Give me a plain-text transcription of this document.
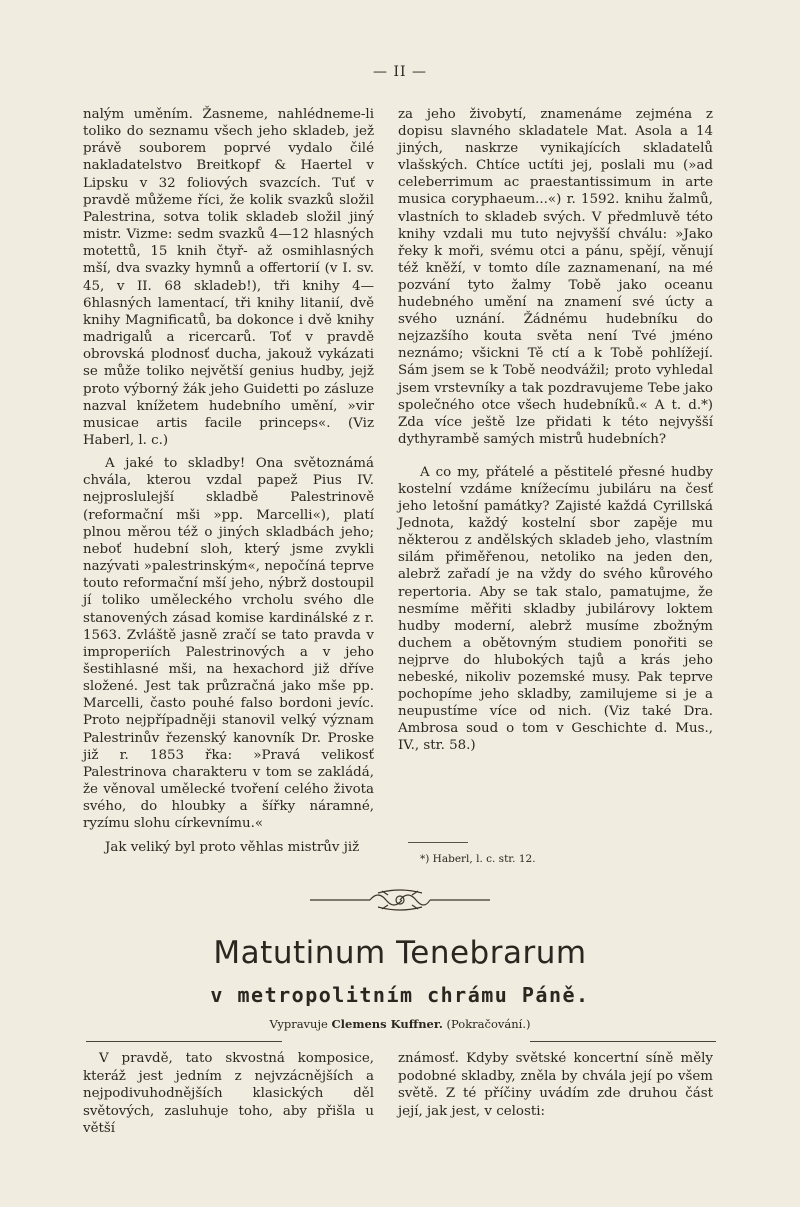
— II —

nalým uměním. Žasneme, nahlédneme-li toliko do seznamu všech jeho skladeb, jež právě souborem poprvé vydalo čilé nakladatelstvo Breitkopf & Haertel v Lipsku v 32 foliových svazcích. Tuť v pravdě můžeme říci, že kolik svazků složil Palestrina, sotva tolik skladeb složil jiný mistr. Vizme: sedm svazků 4—12 hlasných motettů, 15 knih čtyř- až osmihlasných mší, dva svazky hymnů a offertorií (v I. sv. 45, v II. 68 skladeb!), tři knihy 4—6hlasných lamentací, tři knihy litanií, dvě knihy Magnificatů, ba dokonce i dvě knihy madrigalů a ricercarů. Toť v pravdě obrovská plodnosť ducha, jakouž vykázati se může toliko největší genius hudby, jejž proto výborný žák jeho Guidetti po zásluze nazval knížetem hudebního umění, »vir musicae artis facile princeps«. (Viz Haberl, l. c.)

A jaké to skladby! Ona světoznámá chvála, kterou vzdal papež Pius IV. nejproslulejší skladbě Palestrinově (reformační mši »pp. Marcelli«), platí plnou měrou též o jiných skladbách jeho; neboť hudební sloh, který jsme zvykli nazývati »palestrinským«, nepočíná teprve touto reformační mší jeho, nýbrž dostoupil jí toliko uměleckého vrcholu svého dle stanovených zásad komise kardinálské z r. 1563. Zvláště jasně zračí se tato pravda v improperiích Palestrinových a v jeho šestihlasné mši, na hexachord již dříve složené. Jest tak průzračná jako mše pp. Marcelli, často pouhé falso bordoni jevíc. Proto nejpřípadněji stanovil velký význam Palestrinův řezenský kanovník Dr. Proske již r. 1853 řka: »Pravá velikosť Palestrinova charakteru v tom se zakládá, že věnoval umělecké tvoření celého života svého, do hloubky a šířky náramné, ryzímu slohu církevnímu.«

Jak veliký byl proto věhlas mistrův již

za jeho živobytí, znamenáme zejména z dopisu slavného skladatele Mat. Asola a 14 jiných, naskrze vynikajících skladatelů vlašských. Chtíce uctíti jej, poslali mu (»ad celeberrimum ac praestantissimum in arte musica coryphaeum...«) r. 1592. knihu žalmů, vlastních to skladeb svých. V předmluvě této knihy vzdali mu tuto nejvyšší chválu: »Jako řeky k moři, svému otci a pánu, spějí, věnují též kněží, v tomto díle zaznamenaní, na mé pozvání tyto žalmy Tobě jako oceanu hudebného umění na znamení své úcty a svého uznání. Žádnému hudebníku do nejzazšího kouta světa není Tvé jméno neznámo; všickni Tě ctí a k Tobě pohlížejí. Sám jsem se k Tobě neodvážil; proto vyhledal jsem vrstevníky a tak pozdravujeme Tebe jako společného otce všech hudebníků.« A t. d.*) Zda více ještě lze přidati k této nejvyšší dythyrambě samých mistrů hudebních?

A co my, přátelé a pěstitelé přesné hudby kostelní vzdáme knížecímu jubiláru na česť jeho letošní památky? Zajisté každá Cyrillská Jednota, každý kostelní sbor zapěje mu některou z andělských skladeb jeho, vlastním silám přiměřenou, netoliko na jeden den, alebrž zařadí je na vždy do svého kůrového repertoria. Aby se tak stalo, pamatujme, že nesmíme měřiti skladby jubilárovy loktem hudby moderní, alebrž musíme zbožným duchem a obětovným studiem ponořiti se nejprve do hlubokých tajů a krás jeho nebeské, nikoliv pozemské musy. Pak teprve pochopíme jeho skladby, zamilujeme si je a neupustíme více od nich. (Viz také Dra. Ambrosa soud o tom v Geschichte d. Mus., IV., str. 58.)

*) Haberl, l. c. str. 12.
Matutinum Tenebrarum
v metropolitním chrámu Páně.
Vypravuje Clemens Kuffner. (Pokračování.)

V pravdě, tato skvostná komposice, kteráž jest jedním z nejvzácnějších a nejpodivuhodnějších klasických děl světových, zasluhuje toho, aby přišla u větší

známosť. Kdyby světské koncertní síně měly podobné skladby, zněla by chvála její po všem světě. Z té příčiny uvádím zde druhou část její, jak jest, v celosti:
